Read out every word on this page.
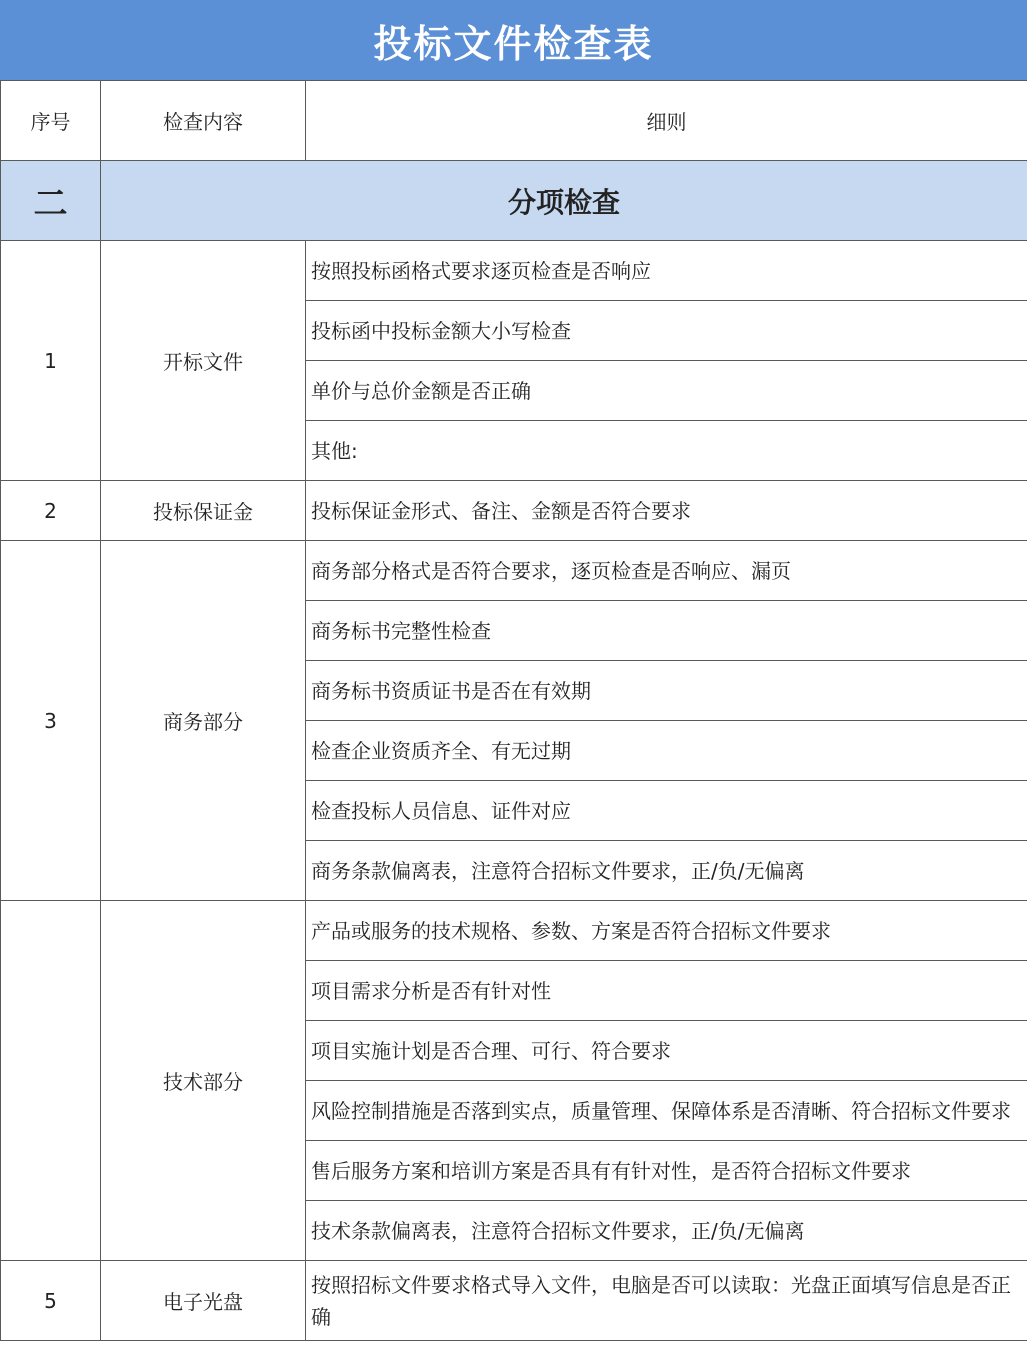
投标文件检查表
序号	检查内容	细则
二	分项检查	
1	开标文件	按照投标函格式要求逐页检查是否响应
		投标函中投标金额大小写检查
		单价与总价金额是否正确
		其他:
2	投标保证金	投标保证金形式、备注、金额是否符合要求
3	商务部分	商务部分格式是否符合要求，逐页检查是否响应、漏页
		商务标书完整性检查
		商务标书资质证书是否在有效期
		检查企业资质齐全、有无过期
		检查投标人员信息、证件对应
		商务条款偏离表，注意符合招标文件要求，正/负/无偏离
	技术部分	产品或服务的技术规格、参数、方案是否符合招标文件要求
		项目需求分析是否有针对性
		项目实施计划是否合理、可行、符合要求
		风险控制措施是否落到实点，质量管理、保障体系是否清晰、符合招标文件要求
		售后服务方案和培训方案是否具有有针对性，是否符合招标文件要求
		技术条款偏离表，注意符合招标文件要求，正/负/无偏离
5	电子光盘	按照招标文件要求格式导入文件，电脑是否可以读取：光盘正面填写信息是否正确
